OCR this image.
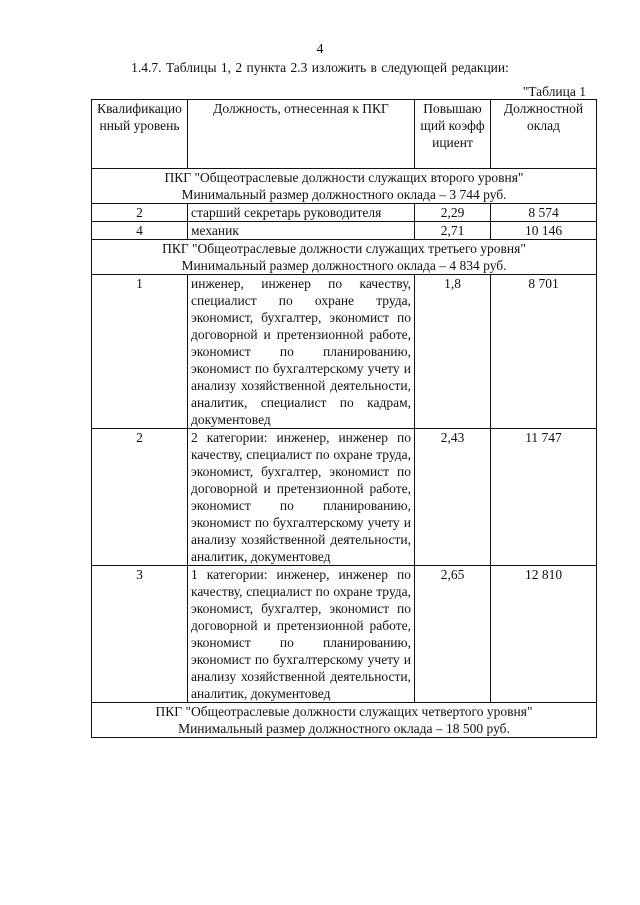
4
1.4.7. Таблицы 1, 2 пункта 2.3 изложить в следующей редакции:
"Таблица 1
Квалификационный уровень	Должность, отнесенная к ПКГ	Повышающий коэффициент	Должностной оклад

ПКГ "Общеотраслевые должности служащих второго уровня"
Минимальный размер должностного оклада – 3 744 руб.			

2	старший секретарь руководителя	2,29	8 574
4	механик	2,71	10 146

ПКГ "Общеотраслевые должности служащих третьего уровня"
Минимальный размер должностного оклада – 4 834 руб.			

1	инженер, инженер по качеству, специалист по охране труда, экономист, бухгалтер, экономист по договорной и претензионной работе, экономист по планированию, экономист по бухгалтерскому учету и анализу хозяйственной деятельности, аналитик, специалист по кадрам, документовед	1,8	8 701
2	2 категории: инженер, инженер по качеству, специалист по охране труда, экономист, бухгалтер, экономист по договорной и претензионной работе, экономист по планированию, экономист по бухгалтерскому учету и анализу хозяйственной деятельности, аналитик, документовед	2,43	11 747
3	1 категории: инженер, инженер по качеству, специалист по охране труда, экономист, бухгалтер, экономист по договорной и претензионной работе, экономист по планированию, экономист по бухгалтерскому учету и анализу хозяйственной деятельности, аналитик, документовед	2,65	12 810

ПКГ "Общеотраслевые должности служащих четвертого уровня"
Минимальный размер должностного оклада – 18 500 руб.			
